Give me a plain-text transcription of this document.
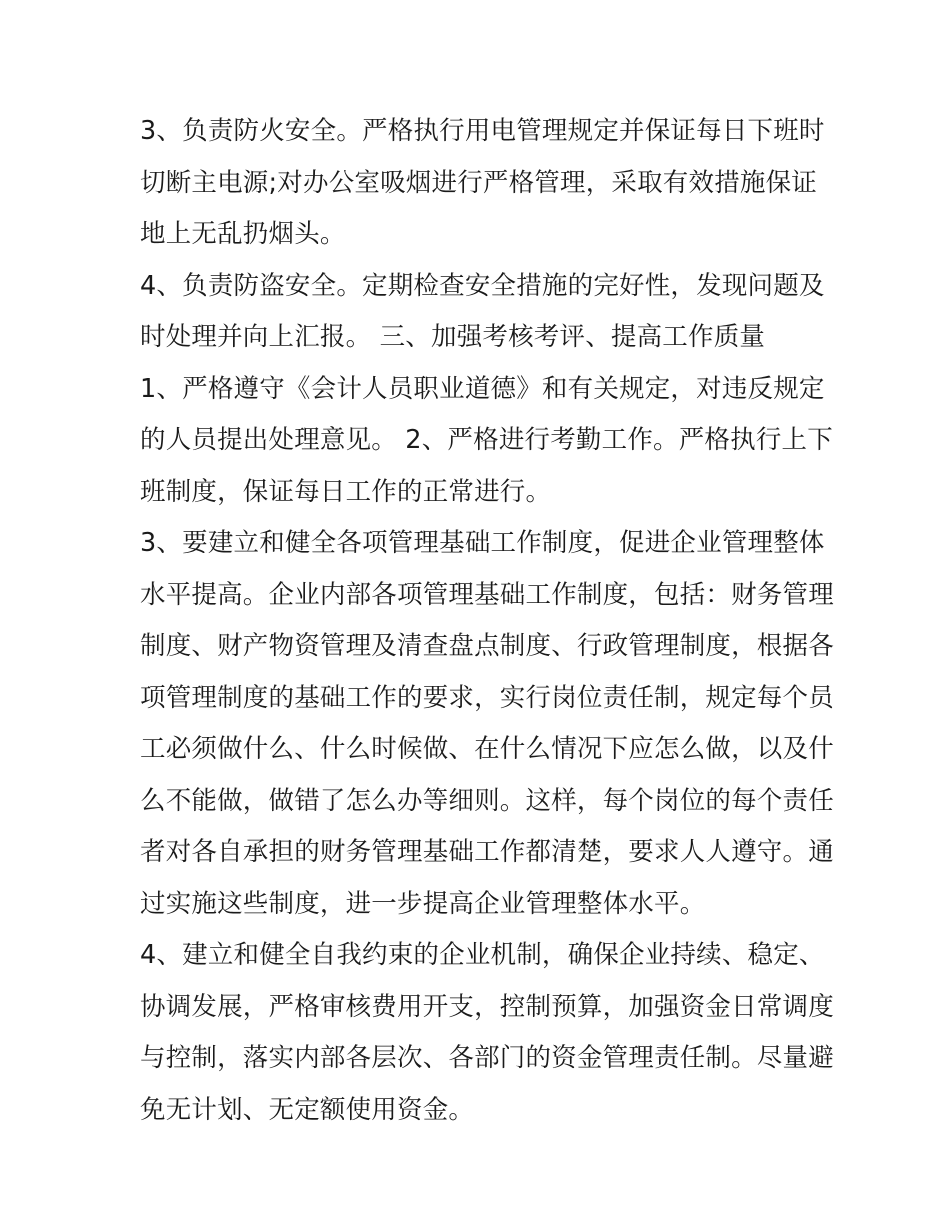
3、负责防火安全。严格执行用电管理规定并保证每日下班时
切断主电源;对办公室吸烟进行严格管理，采取有效措施保证
地上无乱扔烟头。
4、负责防盗安全。定期检查安全措施的完好性，发现问题及
时处理并向上汇报。 三、加强考核考评、提高工作质量
1、严格遵守《会计人员职业道德》和有关规定，对违反规定
的人员提出处理意见。 2、严格进行考勤工作。严格执行上下
班制度，保证每日工作的正常进行。
3、要建立和健全各项管理基础工作制度，促进企业管理整体
水平提高。企业内部各项管理基础工作制度，包括：财务管理
制度、财产物资管理及清查盘点制度、行政管理制度，根据各
项管理制度的基础工作的要求，实行岗位责任制，规定每个员
工必须做什么、什么时候做、在什么情况下应怎么做，以及什
么不能做，做错了怎么办等细则。这样，每个岗位的每个责任
者对各自承担的财务管理基础工作都清楚，要求人人遵守。通
过实施这些制度，进一步提高企业管理整体水平。
4、建立和健全自我约束的企业机制，确保企业持续、稳定、
协调发展，严格审核费用开支，控制预算，加强资金日常调度
与控制，落实内部各层次、各部门的资金管理责任制。尽量避
免无计划、无定额使用资金。
